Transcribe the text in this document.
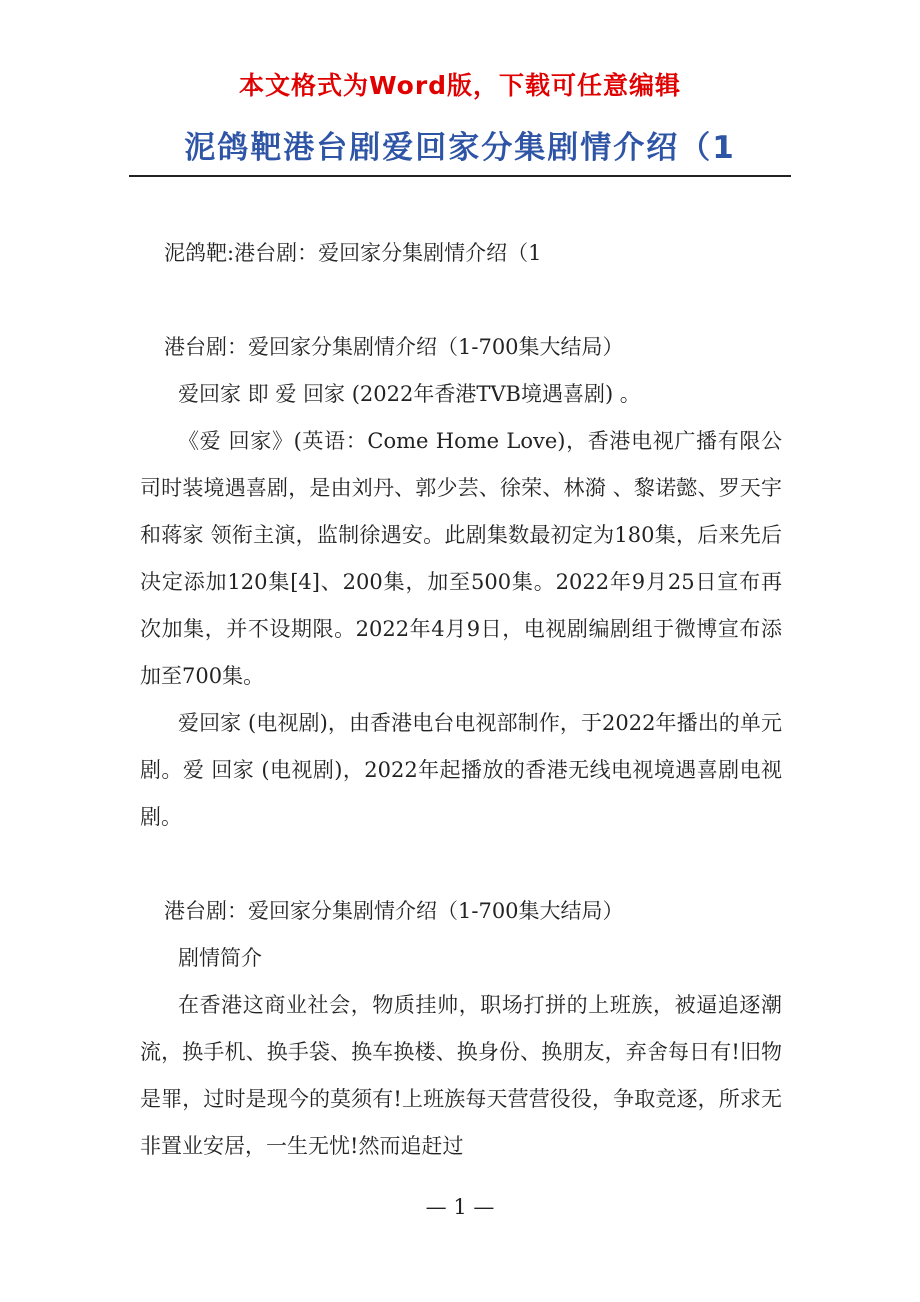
本文格式为Word版，下载可任意编辑
泥鸽靶港台剧爱回家分集剧情介绍（1

泥鸽靶:港台剧：爱回家分集剧情介绍（1

港台剧：爱回家分集剧情介绍（1-700集大结局）

爱回家 即 爱 回家 (2022年香港TVB境遇喜剧) 。

《爱 回家》(英语：Come Home Love)，香港电视广播有限公司时装境遇喜剧，是由刘丹、郭少芸、徐荣、林漪 、黎诺懿、罗天宇和蒋家 领衔主演，监制徐遇安。此剧集数最初定为180集，后来先后决定添加120集[4]、200集，加至500集。2022年9月25日宣布再次加集，并不设期限。2022年4月9日，电视剧编剧组于微博宣布添加至700集。

爱回家 (电视剧)，由香港电台电视部制作，于2022年播出的单元剧。爱 回家 (电视剧)，2022年起播放的香港无线电视境遇喜剧电视剧。

港台剧：爱回家分集剧情介绍（1-700集大结局）

剧情简介

在香港这商业社会，物质挂帅，职场打拼的上班族，被逼追逐潮流，换手机、换手袋、换车换楼、换身份、换朋友，弃舍每日有!旧物是罪，过时是现今的莫须有!上班族每天营营役役，争取竞逐，所求无非置业安居，一生无忧!然而追赶过

— 1 —
